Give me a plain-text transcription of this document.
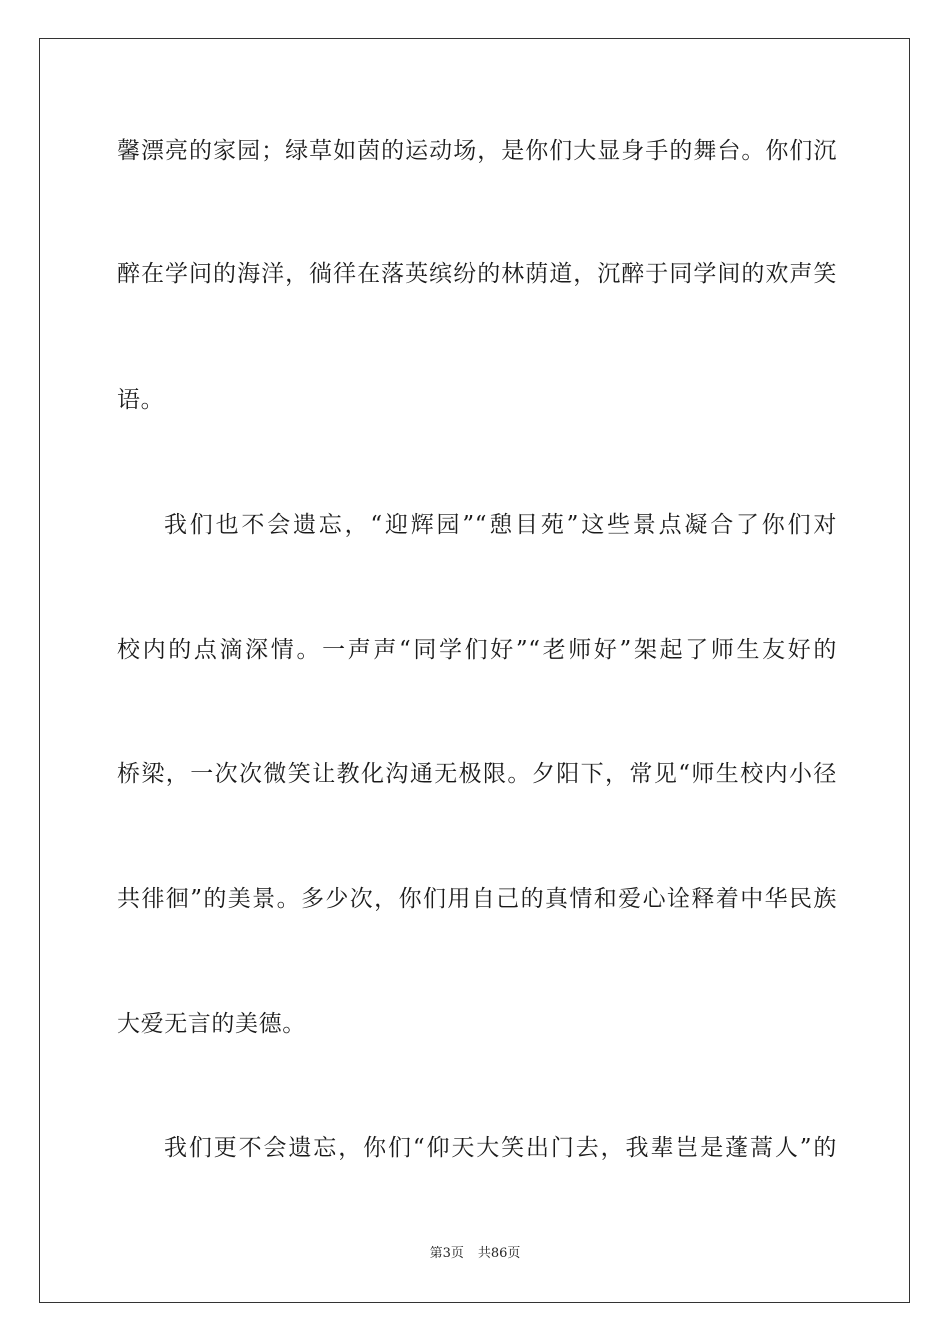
馨漂亮的家园；绿草如茵的运动场，是你们大显身手的舞台。你们沉
醉在学问的海洋，徜徉在落英缤纷的林荫道，沉醉于同学间的欢声笑
语。
我们也不会遗忘，“迎辉园”“憩目苑”这些景点凝合了你们对
校内的点滴深情。一声声“同学们好”“老师好”架起了师生友好的
桥梁，一次次微笑让教化沟通无极限。夕阳下，常见“师生校内小径
共徘徊”的美景。多少次，你们用自己的真情和爱心诠释着中华民族
大爱无言的美德。
我们更不会遗忘，你们“仰天大笑出门去，我辈岂是蓬蒿人”的
第3页 共86页
